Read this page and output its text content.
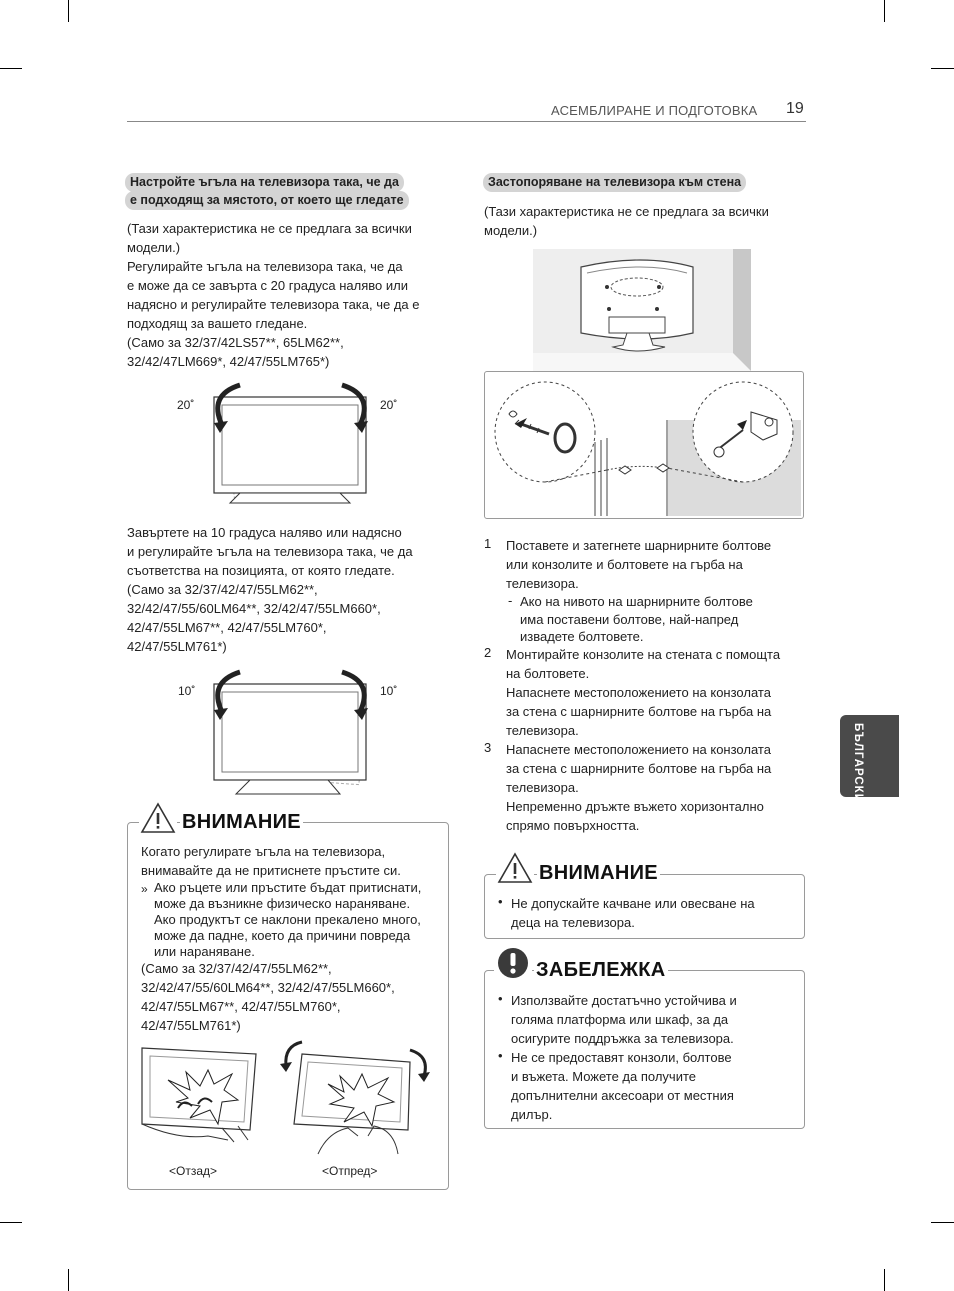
АСЕМБЛИРАНЕ И ПОДГОТОВКА 19
БЪЛГАРСКИ
Настройте ъгъла на телевизора така, че да
е подходящ за мястото, от което ще гледате

(Тази характеристика не се предлага за всички

модели.)

Регулирайте ъгъла на телевизора така, че да

е може да се завърта с 20 градуса наляво или

надясно и регулирайте телевизора така, че да е

подходящ за вашето гледане.

(Само за 32/37/42LS57**, 65LM62**,

32/42/47LM669*, 42/47/55LM765*)

20˚	20˚

Завъртете на 10 градуса наляво или надясно

и регулирайте ъгъла на телевизора така, че да

съответства на позицията, от която гледате.

(Само за 32/37/42/47/55LM62**,

32/42/47/55/60LM64**, 32/42/47/55LM660*,

42/47/55LM67**, 42/47/55LM760*,

42/47/55LM761*)

10˚	10˚
ВНИМАНИЕ

Когато регулирате ъгъла на телевизора,

внимавайте да не притиснете пръстите си.

» Ако ръцете или пръстите бъдат притиснати,

може да възникне физическо нараняване.

Ако продуктът се наклони прекалено много,

може да падне, което да причини повреда

или нараняване.

(Само за 32/37/42/47/55LM62**,

32/42/47/55/60LM64**, 32/42/47/55LM660*,

42/47/55LM67**, 42/47/55LM760*,

42/47/55LM761*)

<Отзад>	<Отпред>
Застопоряване на телевизора към стена

(Тази характеристика не се предлага за всички

модели.)

1 Поставете и затегнете шарнирните болтове

или конзолите и болтовете на гърба на

телевизора.

- Ако на нивото на шарнирните болтове

има поставени болтове, най-напред

извадете болтовете.

2 Монтирайте конзолите на стената с помощта

на болтовете.

Напаснете местоположението на конзолата

за стена с шарнирните болтове на гърба на

телевизора.

3 Напаснете местоположението на конзолата

за стена с шарнирните болтове на гърба на

телевизора.

Непременно дръжте въжето хоризонтално

спрямо повърхността.

ВНИМАНИЕ
• Не допускайте качване или овесване на

деца на телевизора.

ЗАБЕЛЕЖКА
• Използвайте достатъчно устойчива и

голяма платформа или шкаф, за да

осигурите поддръжка за телевизора.

• Не се предоставят конзоли, болтове

и въжета. Можете да получите

допълнителни аксесоари от местния

дилър.
